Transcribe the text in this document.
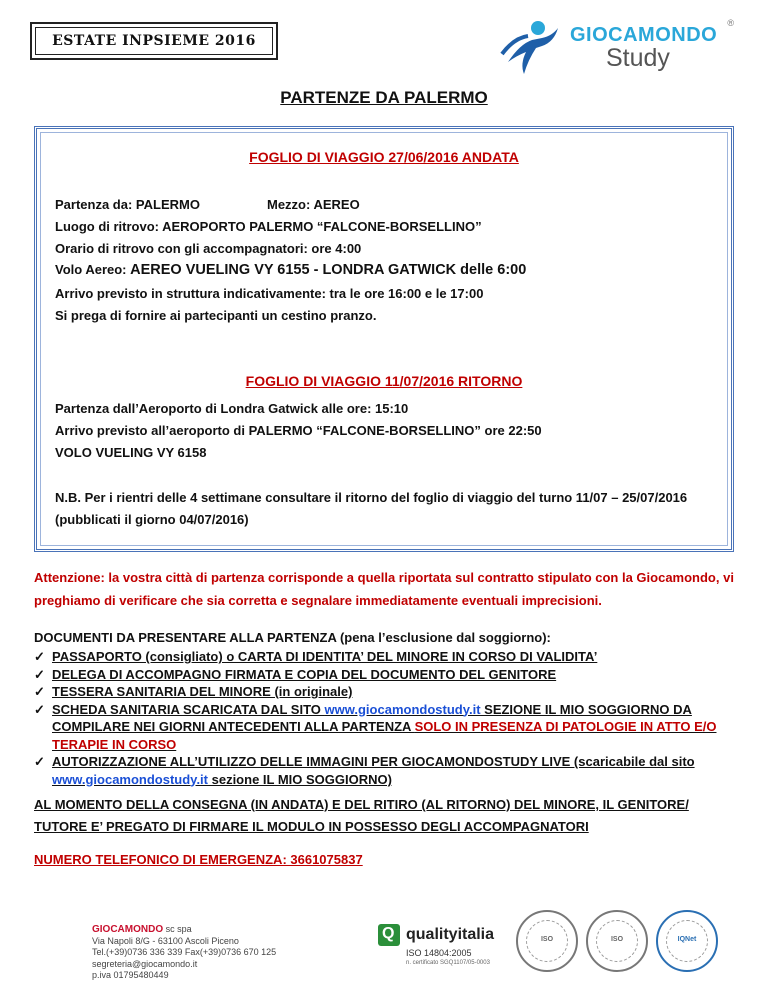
ESTATE INPSIEME 2016	GIOCAMONDO
Study
®
PARTENZE DA PALERMO
FOGLIO DI VIAGGIO 27/06/2016 ANDATA
Partenza da: PALERMO	Mezzo: AEREO
Luogo di ritrovo: AEROPORTO PALERMO “FALCONE-BORSELLINO”
Orario di ritrovo con gli accompagnatori: ore 4:00
Volo Aereo: AEREO VUELING VY 6155 - LONDRA GATWICK delle 6:00
Arrivo previsto in struttura indicativamente: tra le ore 16:00 e le 17:00
Si prega di fornire ai partecipanti un cestino pranzo.
FOGLIO DI VIAGGIO 11/07/2016 RITORNO
Partenza dall’Aeroporto di Londra Gatwick alle ore: 15:10
Arrivo previsto all’aeroporto di PALERMO “FALCONE-BORSELLINO” ore 22:50
VOLO VUELING VY 6158
N.B. Per i rientri delle 4 settimane consultare il ritorno del foglio di viaggio del turno 11/07 – 25/07/2016 (pubblicati il giorno 04/07/2016)
Attenzione: la vostra città di partenza corrisponde a quella riportata sul contratto stipulato con la Giocamondo, vi preghiamo di verificare che sia corretta e segnalare immediatamente eventuali imprecisioni.
DOCUMENTI DA PRESENTARE ALLA PARTENZA (pena l’esclusione dal soggiorno):
✓ PASSAPORTO (consigliato) o CARTA DI IDENTITA’ DEL MINORE IN CORSO DI VALIDITA’
✓ DELEGA DI ACCOMPAGNO FIRMATA E COPIA DEL DOCUMENTO DEL GENITORE
✓ TESSERA SANITARIA DEL MINORE (in originale)
✓ SCHEDA SANITARIA SCARICATA DAL SITO www.giocamondostudy.it SEZIONE IL MIO SOGGIORNO DA COMPILARE NEI GIORNI ANTECEDENTI ALLA PARTENZA SOLO IN PRESENZA DI PATOLOGIE IN ATTO E/O TERAPIE IN CORSO
✓ AUTORIZZAZIONE ALL’UTILIZZO DELLE IMMAGINI PER GIOCAMONDOSTUDY LIVE (scaricabile dal sito www.giocamondostudy.it sezione IL MIO SOGGIORNO)
AL MOMENTO DELLA CONSEGNA (IN ANDATA) E DEL RITIRO (AL RITORNO) DEL MINORE, IL GENITORE/ TUTORE E’ PREGATO DI FIRMARE IL MODULO IN POSSESSO DEGLI ACCOMPAGNATORI
NUMERO TELEFONICO DI EMERGENZA: 3661075837
GIOCAMONDO sc spa
Via Napoli 8/G - 63100 Ascoli Piceno
Tel.(+39)0736 336 339 Fax(+39)0736 670 125
segreteria@giocamondo.it
p.iva 01795480449
Q
qualityitalia
ISO 14804:2005
n. certificato SGQ1107/05-0003
ISO	ISO	IQNet
